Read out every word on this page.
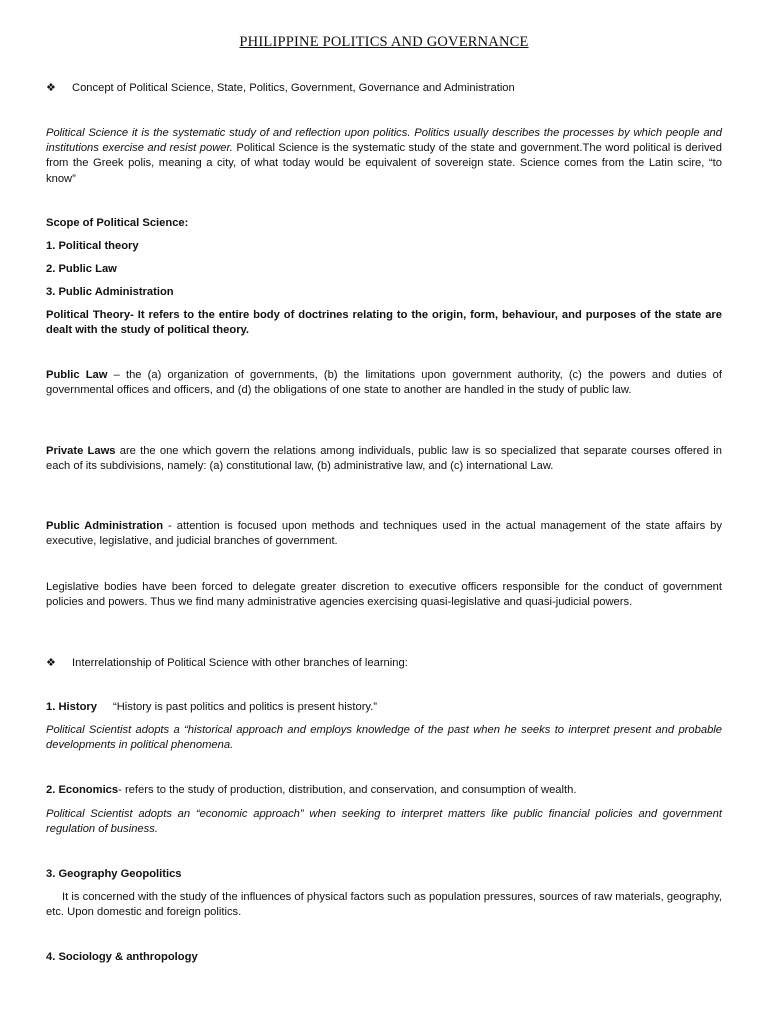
PHILIPPINE POLITICS AND GOVERNANCE
❖	Concept of Political Science, State, Politics, Government, Governance and Administration

Political Science it is the systematic study of and reflection upon politics. Politics usually describes the processes by which people and institutions exercise and resist power. Political Science is the systematic study of the state and government.The word political is derived from the Greek polis, meaning a city, of what today would be equivalent of sovereign state. Science comes from the Latin scire, “to know”

Scope of Political Science:
1. Political theory
2. Public Law
3. Public Administration

Political Theory- It refers to the entire body of doctrines relating to the origin, form, behaviour, and purposes of the state are dealt with the study of political theory.

Public Law – the (a) organization of governments, (b) the limitations upon government authority, (c) the powers and duties of governmental offices and officers, and (d) the obligations of one state to another are handled in the study of public law.

Private Laws are the one which govern the relations among individuals, public law is so specialized that separate courses offered in each of its subdivisions, namely: (a) constitutional law, (b) administrative law, and (c) international Law.

Public Administration - attention is focused upon methods and techniques used in the actual management of the state affairs by executive, legislative, and judicial branches of government.

Legislative bodies have been forced to delegate greater discretion to executive officers responsible for the conduct of government policies and powers. Thus we find many administrative agencies exercising quasi-legislative and quasi-judicial powers.

❖	Interrelationship of Political Science with other branches of learning:
1. History “History is past politics and politics is present history.”

Political Scientist adopts a “historical approach and employs knowledge of the past when he seeks to interpret present and probable developments in political phenomena.

2. Economics- refers to the study of production, distribution, and conservation, and consumption of wealth.

Political Scientist adopts an “economic approach” when seeking to interpret matters like public financial policies and government regulation of business.

3. Geography Geopolitics

It is concerned with the study of the influences of physical factors such as population pressures, sources of raw materials, geography, etc. Upon domestic and foreign politics.

4. Sociology & anthropology
